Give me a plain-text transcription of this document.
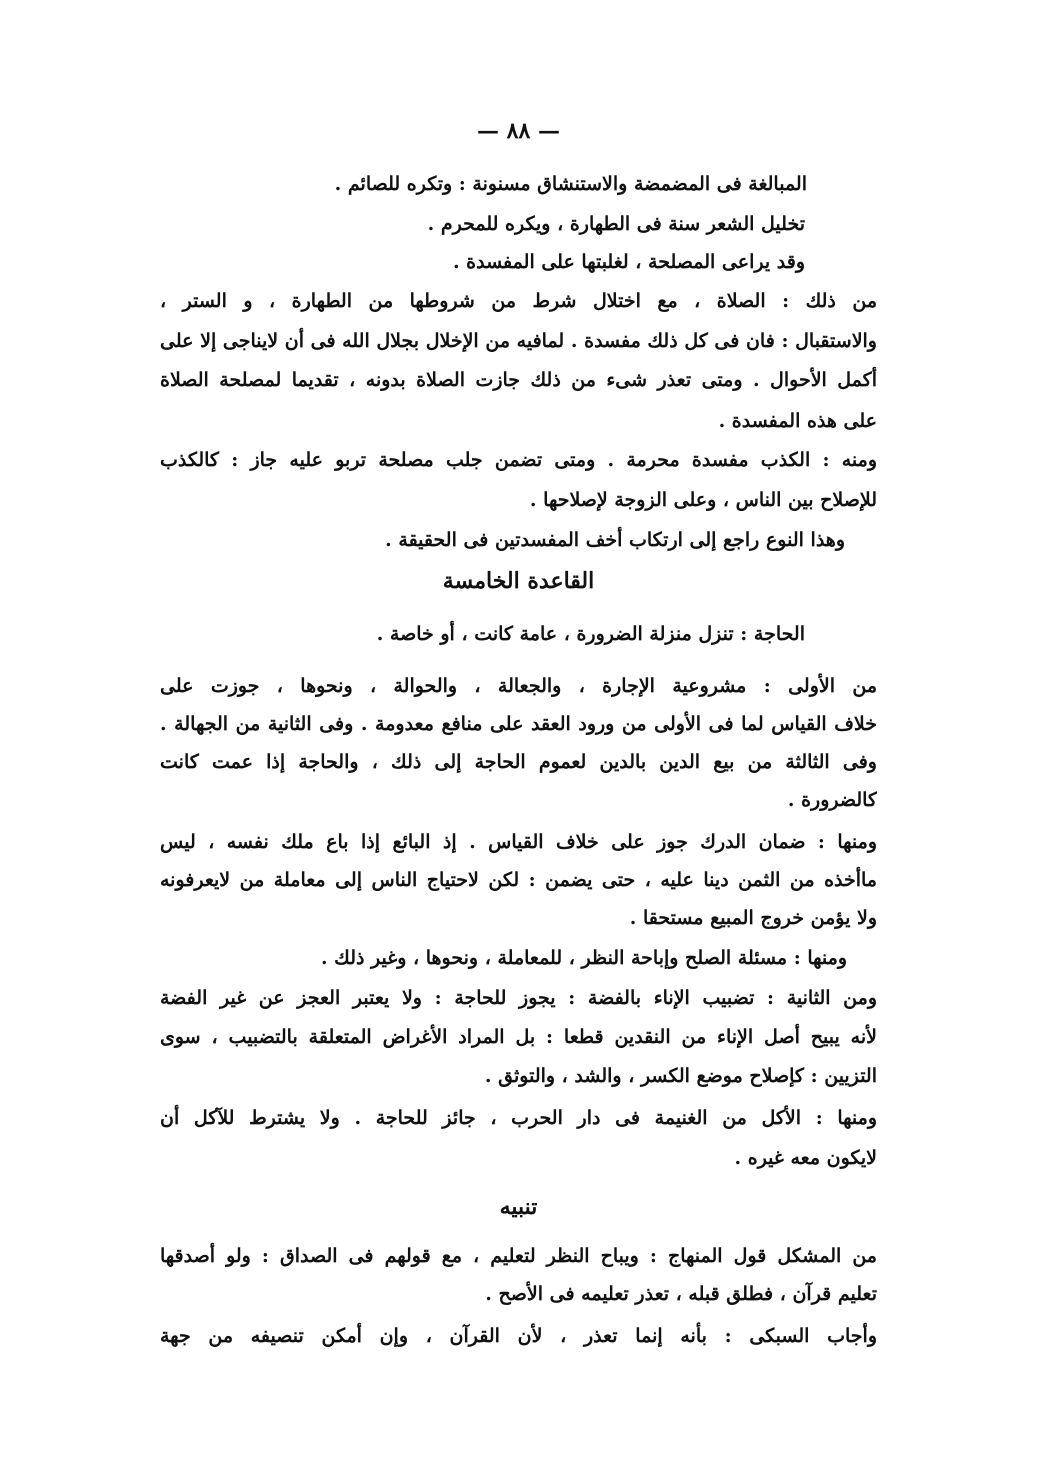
— ٨٨ —
المبالغة فى المضمضة والاستنشاق مسنونة : وتكره للصائم .
تخليل الشعر سنة فى الطهارة ، ويكره للمحرم .
وقد يراعى المصلحة ، لغلبتها على المفسدة .
من ذلك : الصلاة ، مع اختلال شرط من شروطها من الطهارة ، و الستر ،
والاستقبال : فان فى كل ذلك مفسدة . لمافيه من الإخلال بجلال الله فى أن لايناجى إلا على
أكمل الأحوال . ومتى تعذر شىء من ذلك جازت الصلاة بدونه ، تقديما لمصلحة الصلاة
على هذه المفسدة .
ومنه : الكذب مفسدة محرمة . ومتى تضمن جلب مصلحة تربو عليه جاز : كالكذب
للإصلاح بين الناس ، وعلى الزوجة لإصلاحها .
وهذا النوع راجع إلى ارتكاب أخف المفسدتين فى الحقيقة .
القاعدة الخامسة
الحاجة : تنزل منزلة الضرورة ، عامة كانت ، أو خاصة .
من الأولى : مشروعية الإجارة ، والجعالة ، والحوالة ، ونحوها ، جوزت على
خلاف القياس لما فى الأولى من ورود العقد على منافع معدومة . وفى الثانية من الجهالة .
وفى الثالثة من بيع الدين بالدين لعموم الحاجة إلى ذلك ، والحاجة إذا عمت كانت
كالضرورة .
ومنها : ضمان الدرك جوز على خلاف القياس . إذ البائع إذا باع ملك نفسه ، ليس
ماأخذه من الثمن دينا عليه ، حتى يضمن : لكن لاحتياج الناس إلى معاملة من لايعرفونه
ولا يؤمن خروج المبيع مستحقا .
ومنها : مسئلة الصلح وإباحة النظر ، للمعاملة ، ونحوها ، وغير ذلك .
ومن الثانية : تضبيب الإناء بالفضة : يجوز للحاجة : ولا يعتبر العجز عن غير الفضة
لأنه يبيح أصل الإناء من النقدين قطعا : بل المراد الأغراض المتعلقة بالتضبيب ، سوى
التزيين : كإصلاح موضع الكسر ، والشد ، والتوثق .
ومنها : الأكل من الغنيمة فى دار الحرب ، جائز للحاجة . ولا يشترط للآكل أن
لايكون معه غيره .
تنبيه
من المشكل قول المنهاج : ويباح النظر لتعليم ، مع قولهم فى الصداق : ولو أصدقها
تعليم قرآن ، فطلق قبله ، تعذر تعليمه فى الأصح .
وأجاب السبكى : بأنه إنما تعذر ، لأن القرآن ، وإن أمكن تنصيفه من جهة
